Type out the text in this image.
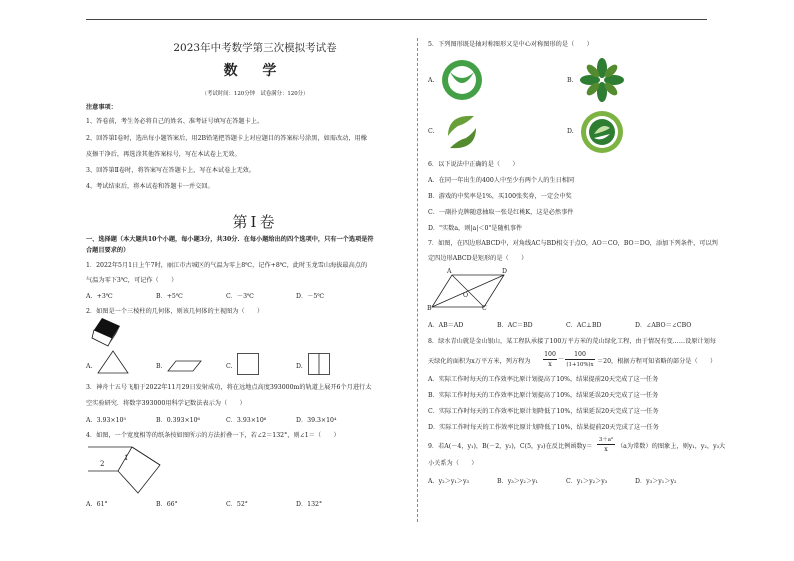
2023年中考数学第三次模拟考试卷
数 学
（考试时间：120分钟　试卷满分：120分）
注意事项：
1、答卷前，考生务必将自己的姓名、准考证号填写在答题卡上。
2、回答第Ⅰ卷时，选出每小题答案后，用2B铅笔把答题卡上对应题目的答案标号涂黑，如需改动，用橡
皮擦干净后，再选涂其他答案标号，写在本试卷上无效。
3、回答第Ⅱ卷时，将答案写在答题卡上，写在本试卷上无效。
4、考试结束后，将本试卷和答题卡一并交回。
第Ⅰ卷
一、选择题（本大题共10个小题，每小题3分，共30分．在每小题给出的四个选项中，只有一个选项是符
合题目要求的）
1．2022年5月1日上午7时，丽江市古城区的气温为零上8℃，记作+8℃，此时玉龙雪山海拔最高点的
气温为零下3℃，可记作（　　）
A．+3℃	B．+5℃	C．－3℃	D．－5℃
2．如图是一个三棱柱的几何体，则该几何体的主视图为（　　）
A.	B.	C.	D.
3．神舟十五号飞船于2022年11月29日发射成功，将在远地点高度393000m的轨道上展开6个月进行太
空实验研究．将数字393000用科学记数法表示为（　　）
A．3.93×10⁵	B．0.393×10⁶	C．3.93×10⁶	D．39.3×10⁴
4．如图，一个宽度相等的纸条按如图所示的方法折叠一下，若∠2＝132°，则∠1＝（　　）
1
2
A．61°	B．66°	C．52°	D．132°
5．下列图形既是轴对称图形又是中心对称图形的是（　　）
A.	B.
C.	D.
6．以下说法中正确的是（　　）
A．在同一年出生的400人中至少有两个人的生日相同
B．游戏的中奖率是1%，买100张奖券，一定会中奖
C．一副扑克牌随意抽取一张是红桃K，这是必然事件
D．"实数a，则|a|＜0"是随机事件
7．如图，在四边形ABCD中，对角线AC与BD相交于点O，AO＝CO，BO＝DO，添加下列条件，可以判
定四边形ABCD是矩形的是（　　）
A	D
B	C
O
A．AB＝AD	B．AC＝BD	C．AC⊥BD	D．∠ABO＝∠CBO
8．绿水青山就是金山银山，某工程队承接了100万平方米的荒山绿化工程，由于情况有变……设原计划每
天绿化的面积为x万平方米，列方程为
100
x
－
100
(1+10%)x ＝20，根据方程可知省略的部分是（　　）
A．实际工作时每天的工作效率比原计划提高了10%，结果提前20天完成了这一任务
B．实际工作时每天的工作效率比原计划提高了10%，结果延误20天完成了这一任务
C．实际工作时每天的工作效率比原计划降低了10%，结果延误20天完成了这一任务
D．实际工作时每天的工作效率比原计划降低了10%，结果提前20天完成了这一任务
9．若A(－4，y₁)，B(－2，y₂)，C(5，y₃)在反比例函数y＝
3＋a²
x	（a为常数）的图象上，则y₁，y₂，y₃大
小关系为（　　）
A．y₂＞y₁＞y₃	B．y₃＞y₂＞y₁	C．y₁＞y₂＞y₃	D．y₃＞y₁＞y₂
